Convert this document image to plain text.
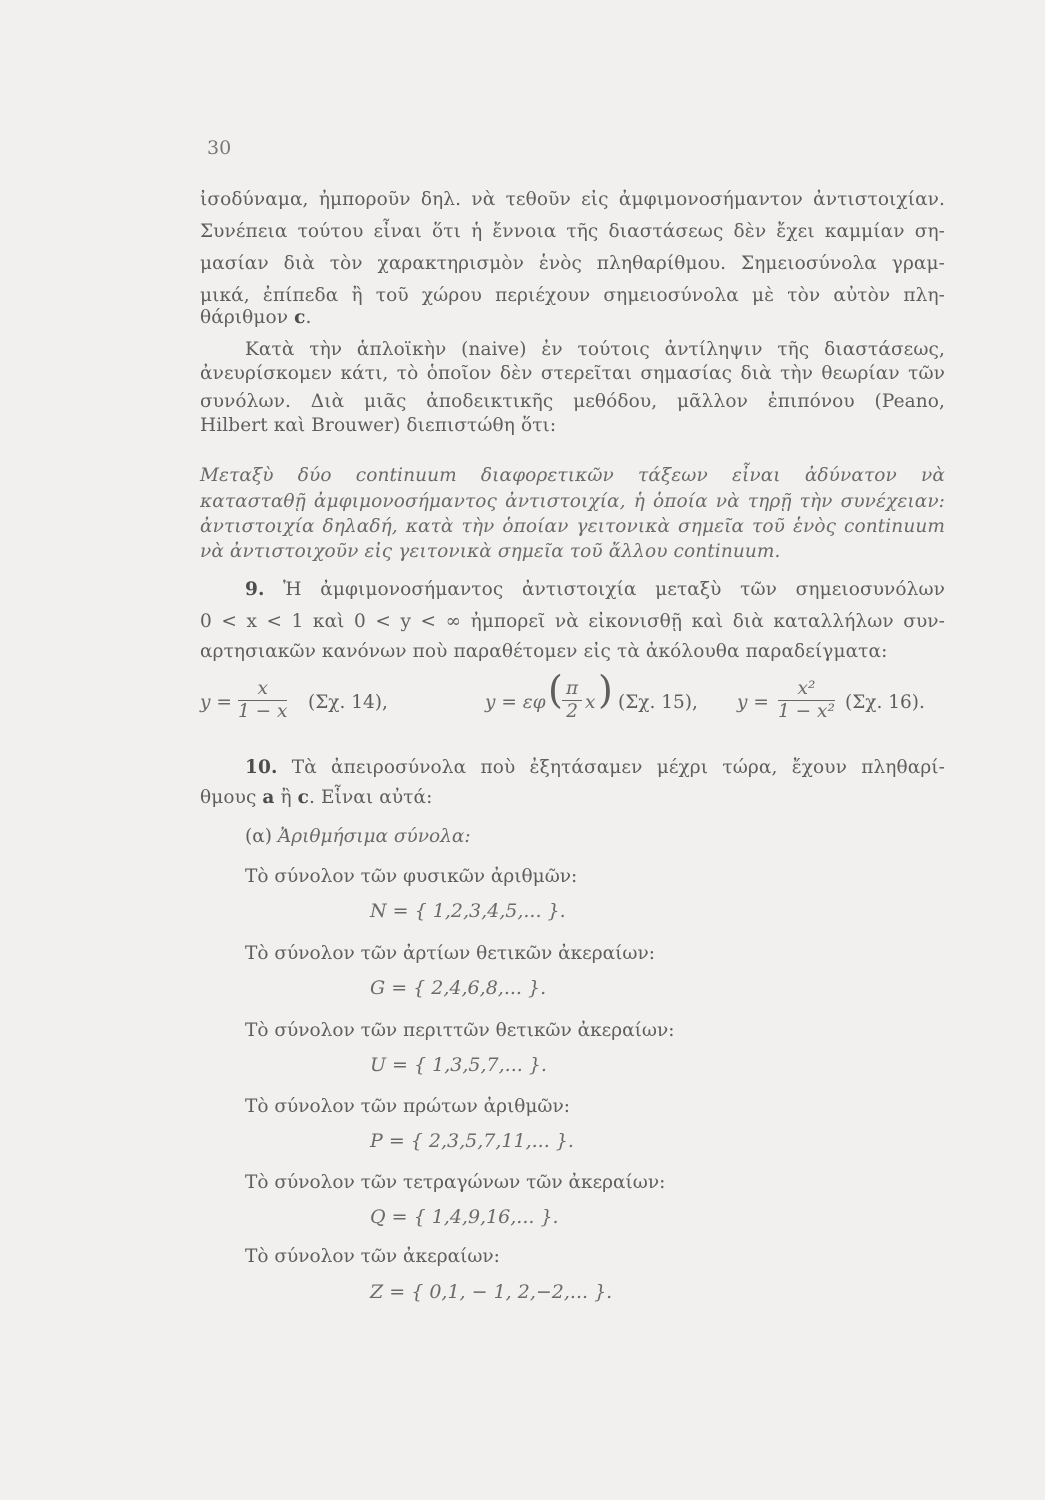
30
ἰσοδύναμα, ἠμποροῦν δηλ. νὰ τεθοῦν εἰς ἀμφιμονοσήμαντον ἀντιστοιχίαν.
Συνέπεια τούτου εἶναι ὅτι ἡ ἔννοια τῆς διαστάσεως δὲν ἔχει καμμίαν ση-
μασίαν διὰ τὸν χαρακτηρισμὸν ἑνὸς πληθαρίθμου. Σημειοσύνολα γραμ-
μικά, ἐπίπεδα ἢ τοῦ χώρου περιέχουν σημειοσύνολα μὲ τὸν αὐτὸν πλη-
θάριθμον c.
Κατὰ τὴν ἁπλοϊκὴν (naive) ἐν τούτοις ἀντίληψιν τῆς διαστάσεως,
ἀνευρίσκομεν κάτι, τὸ ὁποῖον δὲν στερεῖται σημασίας διὰ τὴν θεωρίαν τῶν
συνόλων. Διὰ μιᾶς ἀποδεικτικῆς μεθόδου, μᾶλλον ἐπιπόνου (Peano,
Hilbert καὶ Brouwer) διεπιστώθη ὅτι:
Μεταξὺ δύο continuum διαφορετικῶν τάξεων εἶναι ἀδύνατον νὰ
κατασταθῇ ἀμφιμονοσήμαντος ἀντιστοιχία, ἡ ὁποία νὰ τηρῇ τὴν συνέχειαν:
ἀντιστοιχία δηλαδή, κατὰ τὴν ὁποίαν γειτονικὰ σημεῖα τοῦ ἑνὸς continuum
νὰ ἀντιστοιχοῦν εἰς γειτονικὰ σημεῖα τοῦ ἄλλου continuum.
9. Ἡ ἀμφιμονοσήμαντος ἀντιστοιχία μεταξὺ τῶν σημειοσυνόλων
0 < x < 1 καὶ 0 < y < ∞ ἠμπορεῖ νὰ εἰκονισθῇ καὶ διὰ καταλλήλων συν-
αρτησιακῶν κανόνων ποὺ παραθέτομεν εἰς τὰ ἀκόλουθα παραδείγματα:
$y = \frac{x}{1 - x} (\Sigma\chi$. 14),	y = εφ ( $\frac{\pi}{2}$ x ) (Σχ. 15), $y = \frac{\text{x²}}{\text{1 − x²}} (\Sigma\chi$. 16).
10. Τὰ ἀπειροσύνολα ποὺ ἐξητάσαμεν μέχρι τώρα, ἔχουν πληθαρί-
θμους a ἢ c. Εἶναι αὐτά:
(α) Ἀριθμήσιμα σύνολα:
Τὸ σύνολον τῶν φυσικῶν ἀριθμῶν:
N = { 1,2,3,4,5,... }.
Τὸ σύνολον τῶν ἀρτίων θετικῶν ἀκεραίων:
G = { 2,4,6,8,... }.
Τὸ σύνολον τῶν περιττῶν θετικῶν ἀκεραίων:
U = { 1,3,5,7,... }.
Τὸ σύνολον τῶν πρώτων ἀριθμῶν:
P = { 2,3,5,7,11,... }.
Τὸ σύνολον τῶν τετραγώνων τῶν ἀκεραίων:
Q = { 1,4,9,16,... }.
Τὸ σύνολον τῶν ἀκεραίων:
Z = { 0,1, − 1, 2,−2,... }.
